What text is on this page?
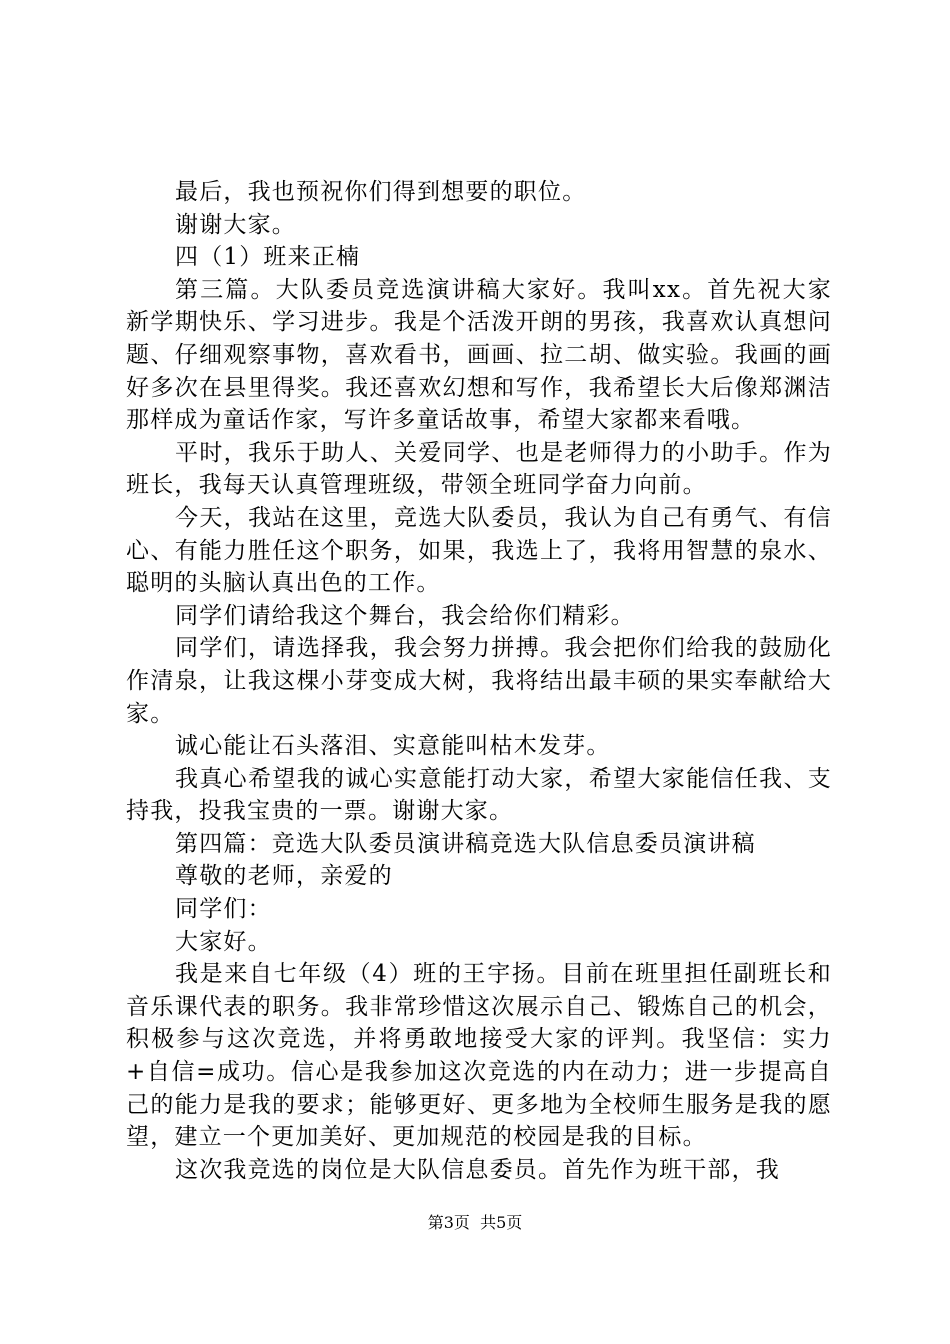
最后，我也预祝你们得到想要的职位。

谢谢大家。

四（1）班来正楠

第三篇。大队委员竞选演讲稿大家好。我叫xx。首先祝大家新学期快乐、学习进步。我是个活泼开朗的男孩，我喜欢认真想问题、仔细观察事物，喜欢看书，画画、拉二胡、做实验。我画的画好多次在县里得奖。我还喜欢幻想和写作，我希望长大后像郑渊洁那样成为童话作家，写许多童话故事，希望大家都来看哦。

平时，我乐于助人、关爱同学、也是老师得力的小助手。作为班长，我每天认真管理班级，带领全班同学奋力向前。

今天，我站在这里，竞选大队委员，我认为自己有勇气、有信心、有能力胜任这个职务，如果，我选上了，我将用智慧的泉水、聪明的头脑认真出色的工作。

同学们请给我这个舞台，我会给你们精彩。

同学们，请选择我，我会努力拼搏。我会把你们给我的鼓励化作清泉，让我这棵小芽变成大树，我将结出最丰硕的果实奉献给大家。

诚心能让石头落泪、实意能叫枯木发芽。

我真心希望我的诚心实意能打动大家，希望大家能信任我、支持我，投我宝贵的一票。谢谢大家。

第四篇：竞选大队委员演讲稿竞选大队信息委员演讲稿

尊敬的老师，亲爱的

同学们：

大家好。

我是来自七年级（4）班的王宇扬。目前在班里担任副班长和音乐课代表的职务。我非常珍惜这次展示自己、锻炼自己的机会，积极参与这次竞选，并将勇敢地接受大家的评判。我坚信：实力+自信=成功。信心是我参加这次竞选的内在动力；进一步提高自己的能力是我的要求；能够更好、更多地为全校师生服务是我的愿望，建立一个更加美好、更加规范的校园是我的目标。

这次我竞选的岗位是大队信息委员。首先作为班干部，我

第3页 共5页
